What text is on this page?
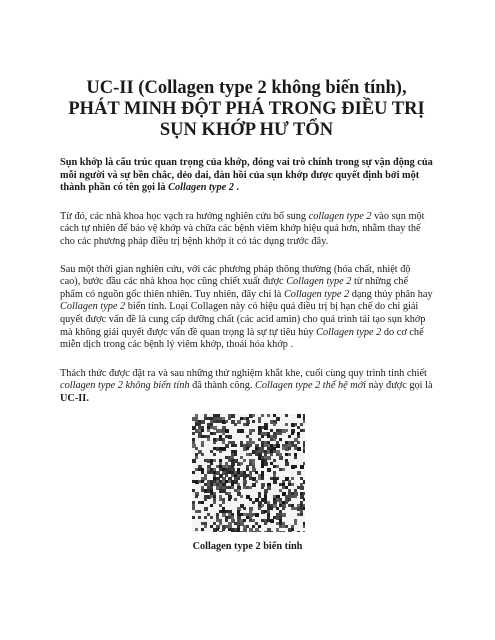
UC-II (Collagen type 2 không biến tính),
PHÁT MINH ĐỘT PHÁ TRONG ĐIỀU TRỊ
SỤN KHỚP HƯ TỔN

Sụn khớp là cấu trúc quan trọng của khớp, đóng vai trò chính trong sự vận động của mỗi người và sự bền chắc, dẻo dai, đàn hồi của sụn khớp được quyết định bởi một thành phần có tên gọi là Collagen type 2 .

Từ đó, các nhà khoa học vạch ra hướng nghiên cứu bổ sung collagen type 2 vào sụn một cách tự nhiên để bảo vệ khớp và chữa các bệnh viêm khớp hiệu quả hơn, nhằm thay thế cho các phương pháp điều trị bệnh khớp ít có tác dụng trước đây.

Sau một thời gian nghiên cứu, với các phương pháp thông thường (hóa chất, nhiệt độ cao), bước đầu các nhà khoa học cũng chiết xuất được Collagen type 2 từ những chế phẩm có nguồn gốc thiên nhiên. Tuy nhiên, đây chỉ là Collagen type 2 dạng thủy phân hay Collagen type 2 biến tính. Loại Collagen này có hiệu quả điều trị bị hạn chế do chỉ giải quyết được vấn đề là cung cấp dưỡng chất (các acid amin) cho quá trình tái tạo sụn khớp mà không giải quyết được vấn đề quan trọng là sự tự tiêu hủy Collagen type 2 do cơ chế miễn dịch trong các bệnh lý viêm khớp, thoái hóa khớp .

Thách thức được đặt ra và sau những thử nghiệm khắt khe, cuối cùng quy trình tinh chiết collagen type 2 không biến tính đã thành công. Collagen type 2 thế hệ mới này được gọi là UC-II.

Collagen type 2 biến tính
